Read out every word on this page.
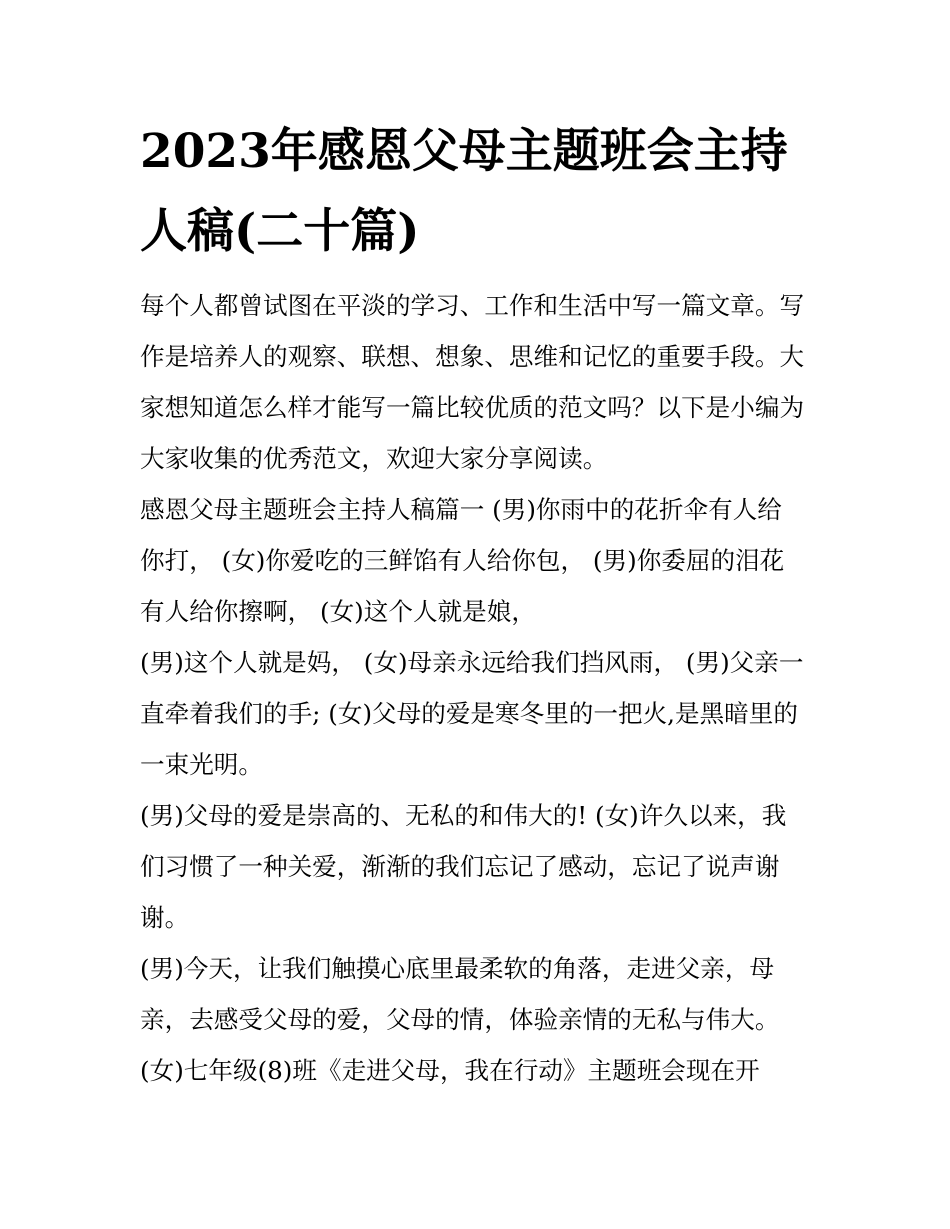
2023年感恩父母主题班会主持
人稿(二十篇)
每个人都曾试图在平淡的学习、工作和生活中写一篇文章。写
作是培养人的观察、联想、想象、思维和记忆的重要手段。大
家想知道怎么样才能写一篇比较优质的范文吗？以下是小编为
大家收集的优秀范文，欢迎大家分享阅读。
感恩父母主题班会主持人稿篇一 (男)你雨中的花折伞有人给
你打， (女)你爱吃的三鲜馅有人给你包， (男)你委屈的泪花
有人给你擦啊， (女)这个人就是娘，
(男)这个人就是妈， (女)母亲永远给我们挡风雨， (男)父亲一
直牵着我们的手; (女)父母的爱是寒冬里的一把火,是黑暗里的
一束光明。
(男)父母的爱是崇高的、无私的和伟大的! (女)许久以来，我
们习惯了一种关爱，渐渐的我们忘记了感动，忘记了说声谢
谢。
(男)今天，让我们触摸心底里最柔软的角落，走进父亲，母
亲，去感受父母的爱，父母的情，体验亲情的无私与伟大。
(女)七年级(8)班《走进父母，我在行动》主题班会现在开
